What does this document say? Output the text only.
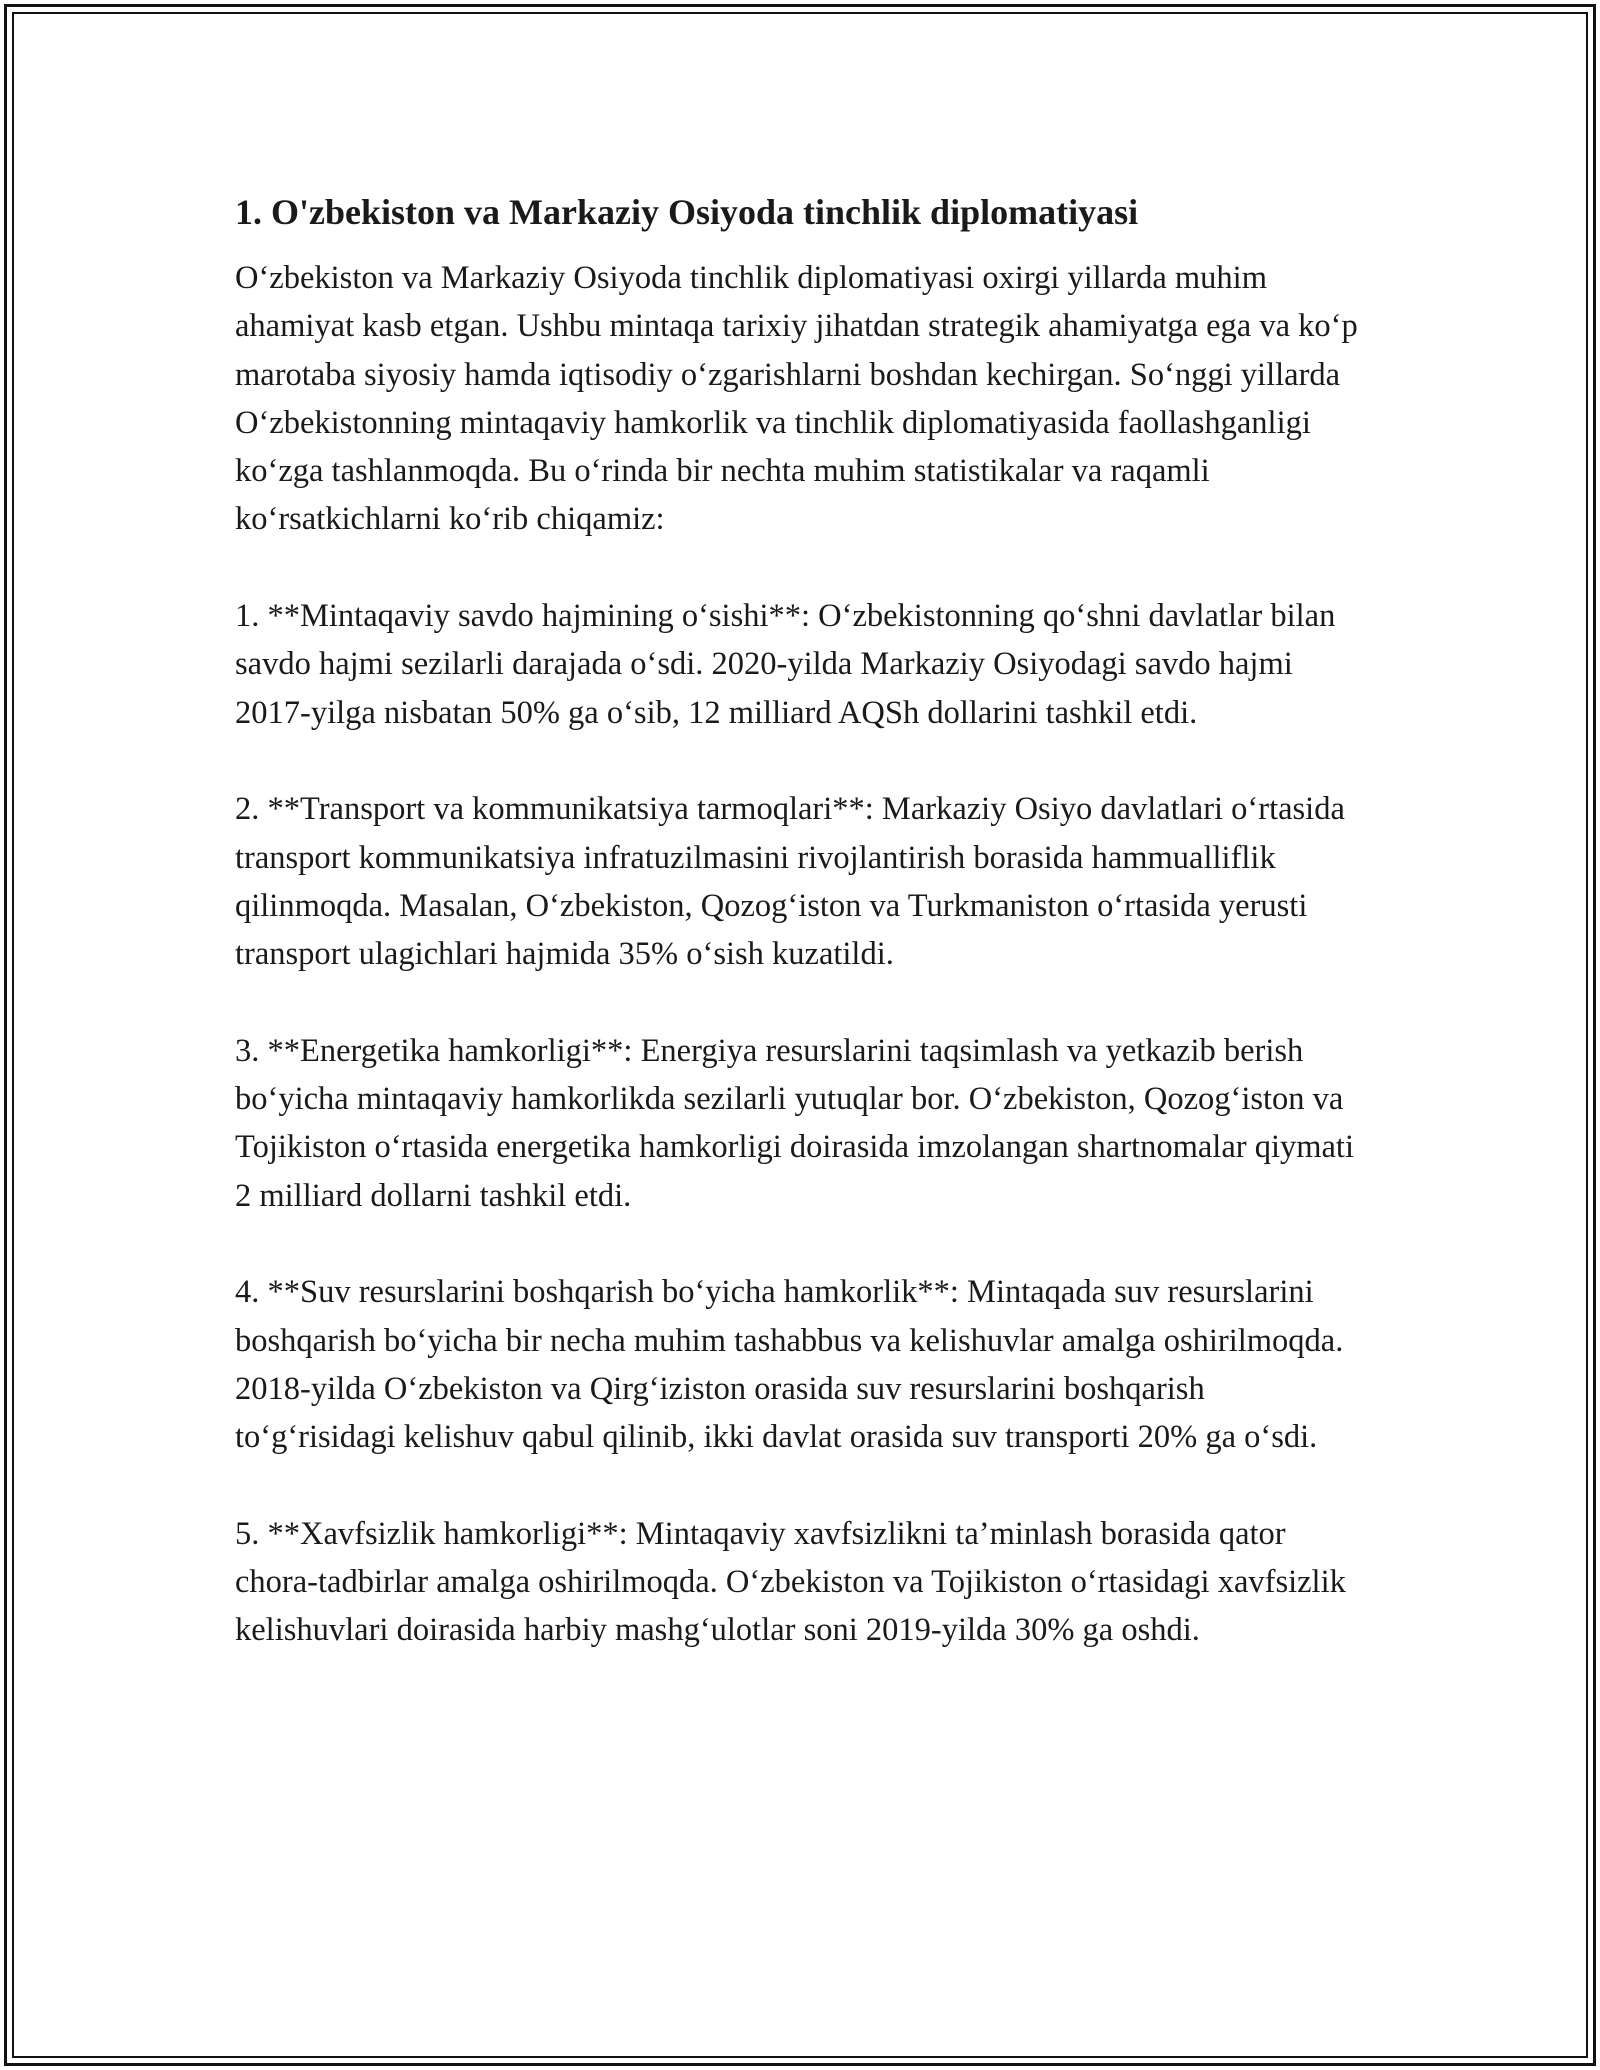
1. O'zbekiston va Markaziy Osiyoda tinchlik diplomatiyasi

O‘zbekiston va Markaziy Osiyoda tinchlik diplomatiyasi oxirgi yillarda muhim ahamiyat kasb etgan. Ushbu mintaqa tarixiy jihatdan strategik ahamiyatga ega va ko‘p marotaba siyosiy hamda iqtisodiy o‘zgarishlarni boshdan kechirgan. So‘nggi yillarda O‘zbekistonning mintaqaviy hamkorlik va tinchlik diplomatiyasida faollashganligi ko‘zga tashlanmoqda. Bu o‘rinda bir nechta muhim statistikalar va raqamli ko‘rsatkichlarni ko‘rib chiqamiz:

1. **Mintaqaviy savdo hajmining o‘sishi**: O‘zbekistonning qo‘shni davlatlar bilan savdo hajmi sezilarli darajada o‘sdi. 2020-yilda Markaziy Osiyodagi savdo hajmi 2017-yilga nisbatan 50% ga o‘sib, 12 milliard AQSh dollarini tashkil etdi.

2. **Transport va kommunikatsiya tarmoqlari**: Markaziy Osiyo davlatlari o‘rtasida transport kommunikatsiya infratuzilmasini rivojlantirish borasida hammualliflik qilinmoqda. Masalan, O‘zbekiston, Qozog‘iston va Turkmaniston o‘rtasida yerusti transport ulagichlari hajmida 35% o‘sish kuzatildi.

3. **Energetika hamkorligi**: Energiya resurslarini taqsimlash va yetkazib berish bo‘yicha mintaqaviy hamkorlikda sezilarli yutuqlar bor. O‘zbekiston, Qozog‘iston va Tojikiston o‘rtasida energetika hamkorligi doirasida imzolangan shartnomalar qiymati 2 milliard dollarni tashkil etdi.

4. **Suv resurslarini boshqarish bo‘yicha hamkorlik**: Mintaqada suv resurslarini boshqarish bo‘yicha bir necha muhim tashabbus va kelishuvlar amalga oshirilmoqda. 2018-yilda O‘zbekiston va Qirg‘iziston orasida suv resurslarini boshqarish to‘g‘risidagi kelishuv qabul qilinib, ikki davlat orasida suv transporti 20% ga o‘sdi.

5. **Xavfsizlik hamkorligi**: Mintaqaviy xavfsizlikni ta’minlash borasida qator chora-tadbirlar amalga oshirilmoqda. O‘zbekiston va Tojikiston o‘rtasidagi xavfsizlik kelishuvlari doirasida harbiy mashg‘ulotlar soni 2019-yilda 30% ga oshdi.
